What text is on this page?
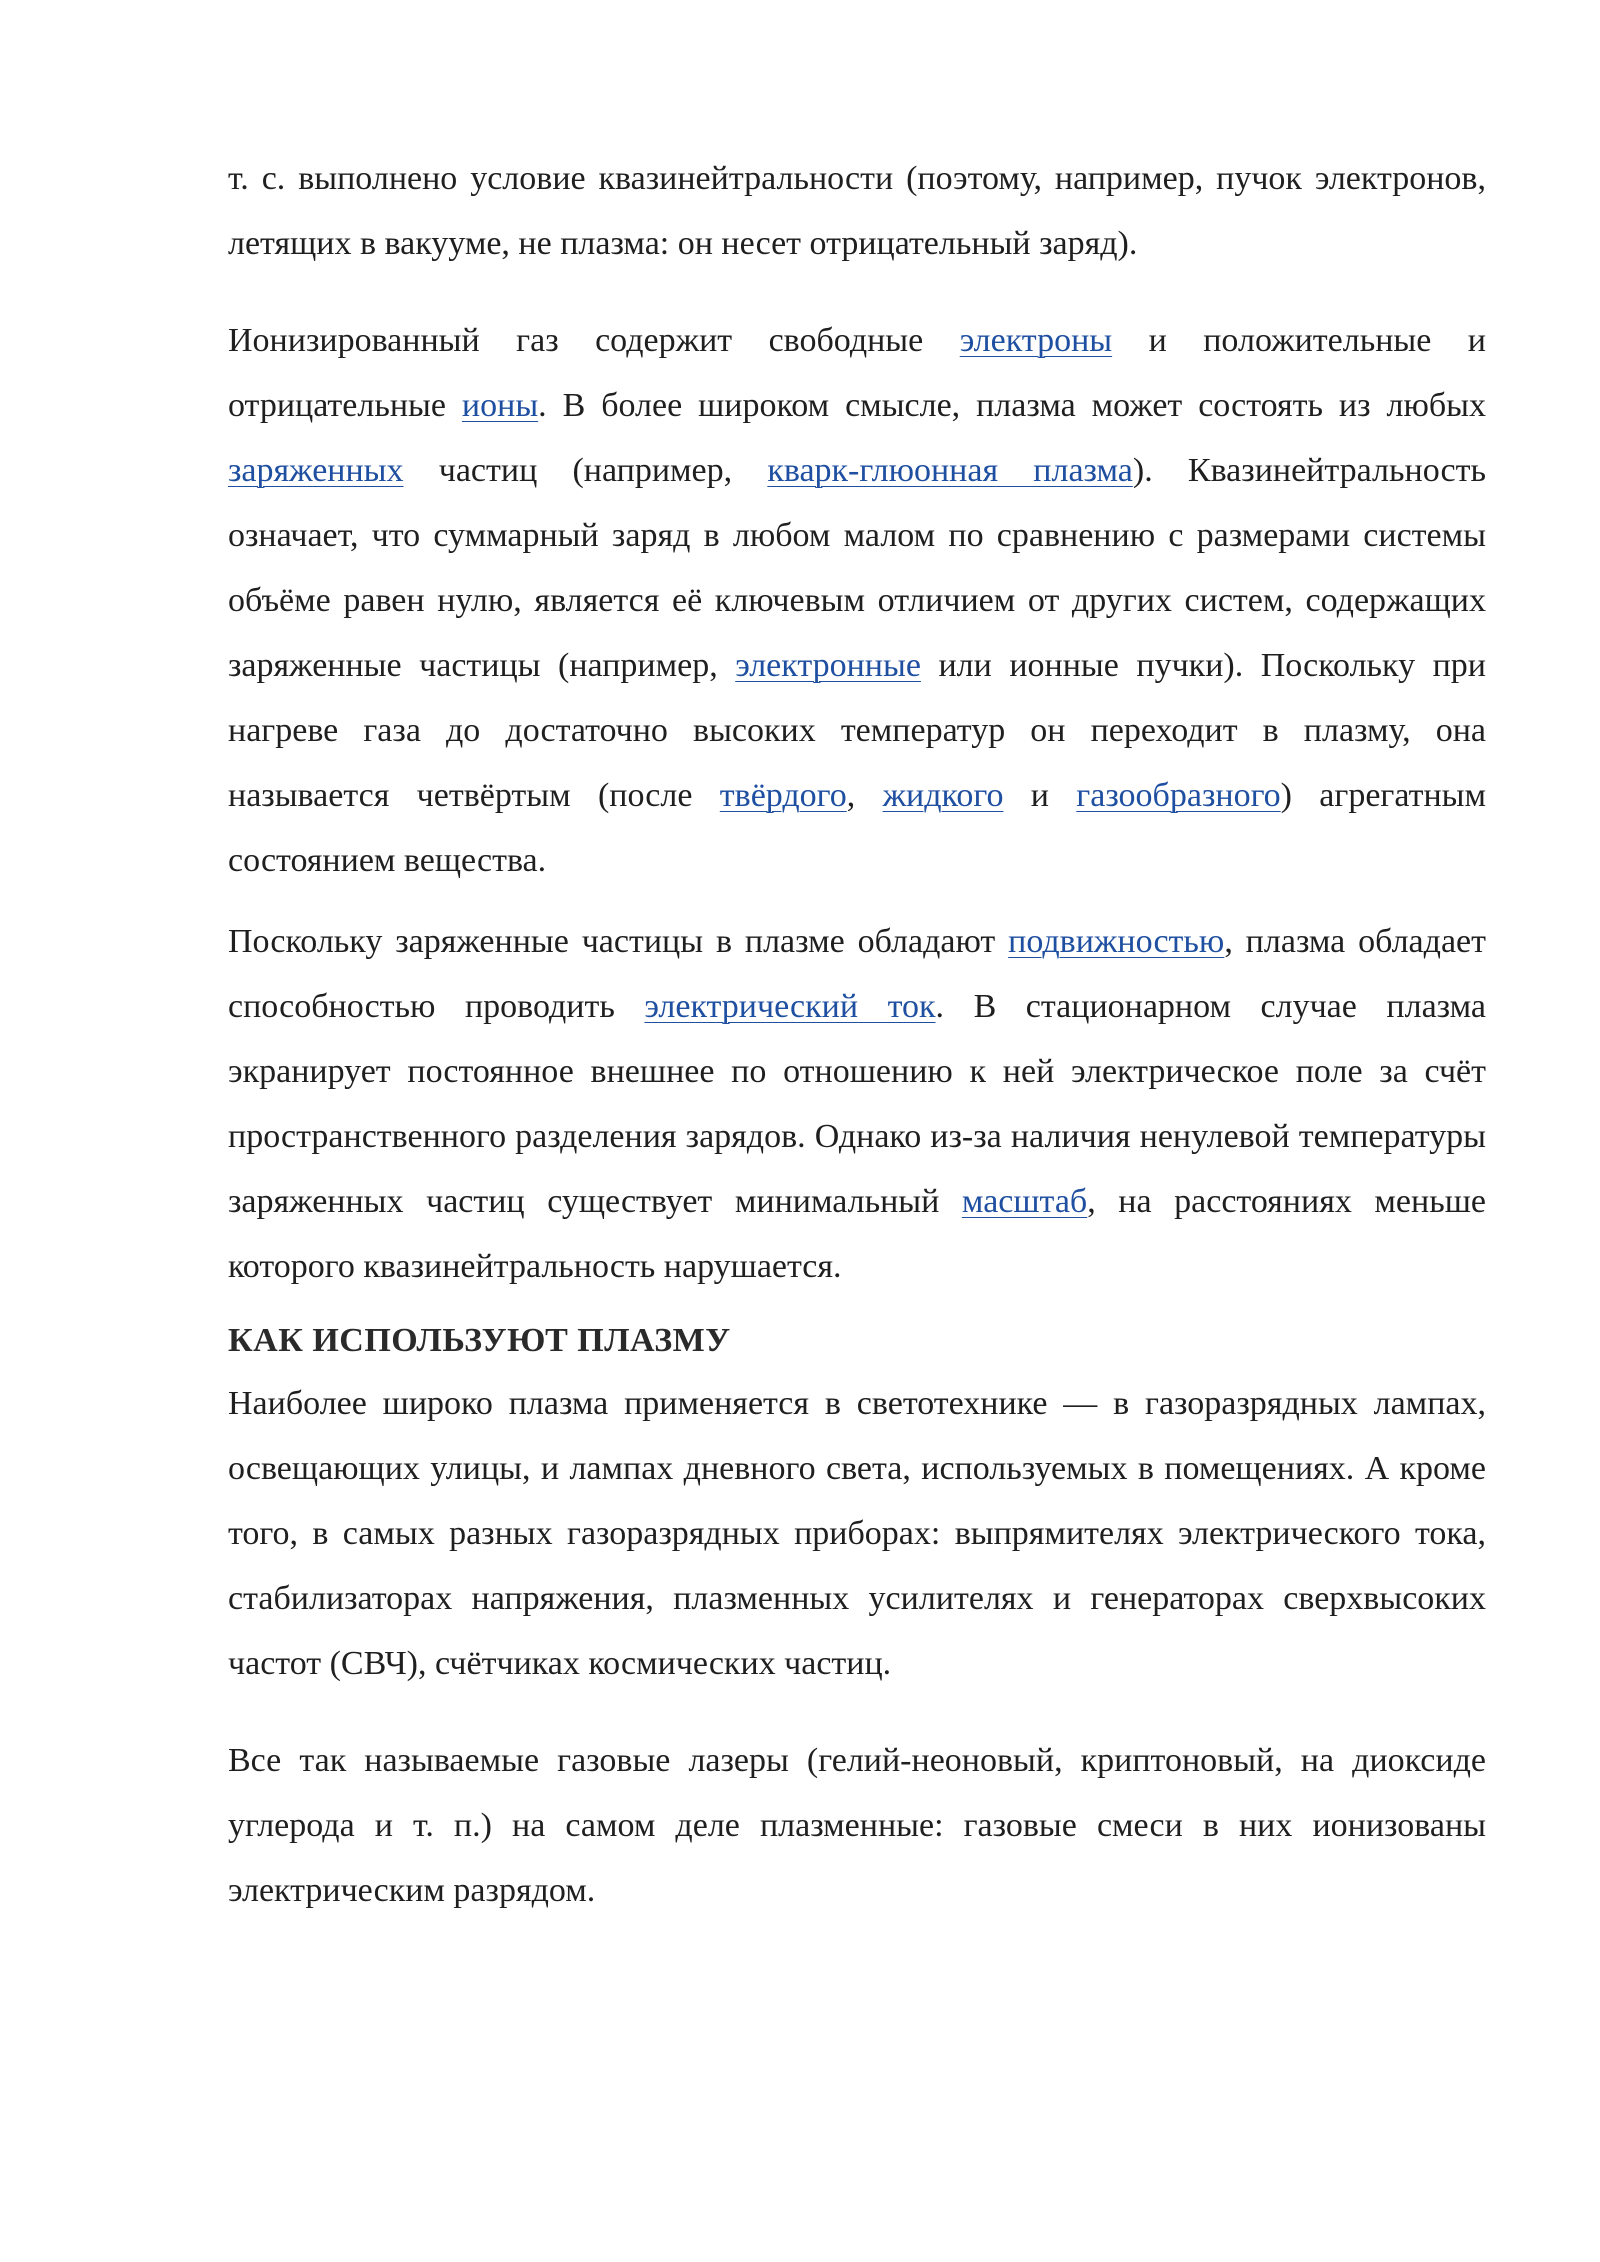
т. с. выполнено условие квазинейтральности (поэтому, например, пучок электронов, летящих в вакууме, не плазма: он несет отрицательный заряд).

Ионизированный газ содержит свободные электроны и положительные и отрицательные ионы. В более широком смысле, плазма может состоять из любых заряженных частиц (например, кварк-глюонная плазма). Квазинейтральность означает, что суммарный заряд в любом малом по сравнению с размерами системы объёме равен нулю, является её ключевым отличием от других систем, содержащих заряженные частицы (например, электронные или ионные пучки). Поскольку при нагреве газа до достаточно высоких температур он переходит в плазму, она называется четвёртым (после твёрдого, жидкого и газообразного) агрегатным состоянием вещества.

Поскольку заряженные частицы в плазме обладают подвижностью, плазма обладает способностью проводить электрический ток. В стационарном случае плазма экранирует постоянное внешнее по отношению к ней электрическое поле за счёт пространственного разделения зарядов. Однако из-за наличия ненулевой температуры заряженных частиц существует минимальный масштаб, на расстояниях меньше которого квазинейтральность нарушается.

КАК ИСПОЛЬЗУЮТ ПЛАЗМУ

Наиболее широко плазма применяется в светотехнике — в газоразрядных лампах, освещающих улицы, и лампах дневного света, используемых в помещениях. А кроме того, в самых разных газоразрядных приборах: выпрямителях электрического тока, стабилизаторах напряжения, плазменных усилителях и генераторах сверхвысоких частот (СВЧ), счётчиках космических частиц.

Все так называемые газовые лазеры (гелий-неоновый, криптоновый, на диоксиде углерода и т. п.) на самом деле плазменные: газовые смеси в них ионизованы электрическим разрядом.
